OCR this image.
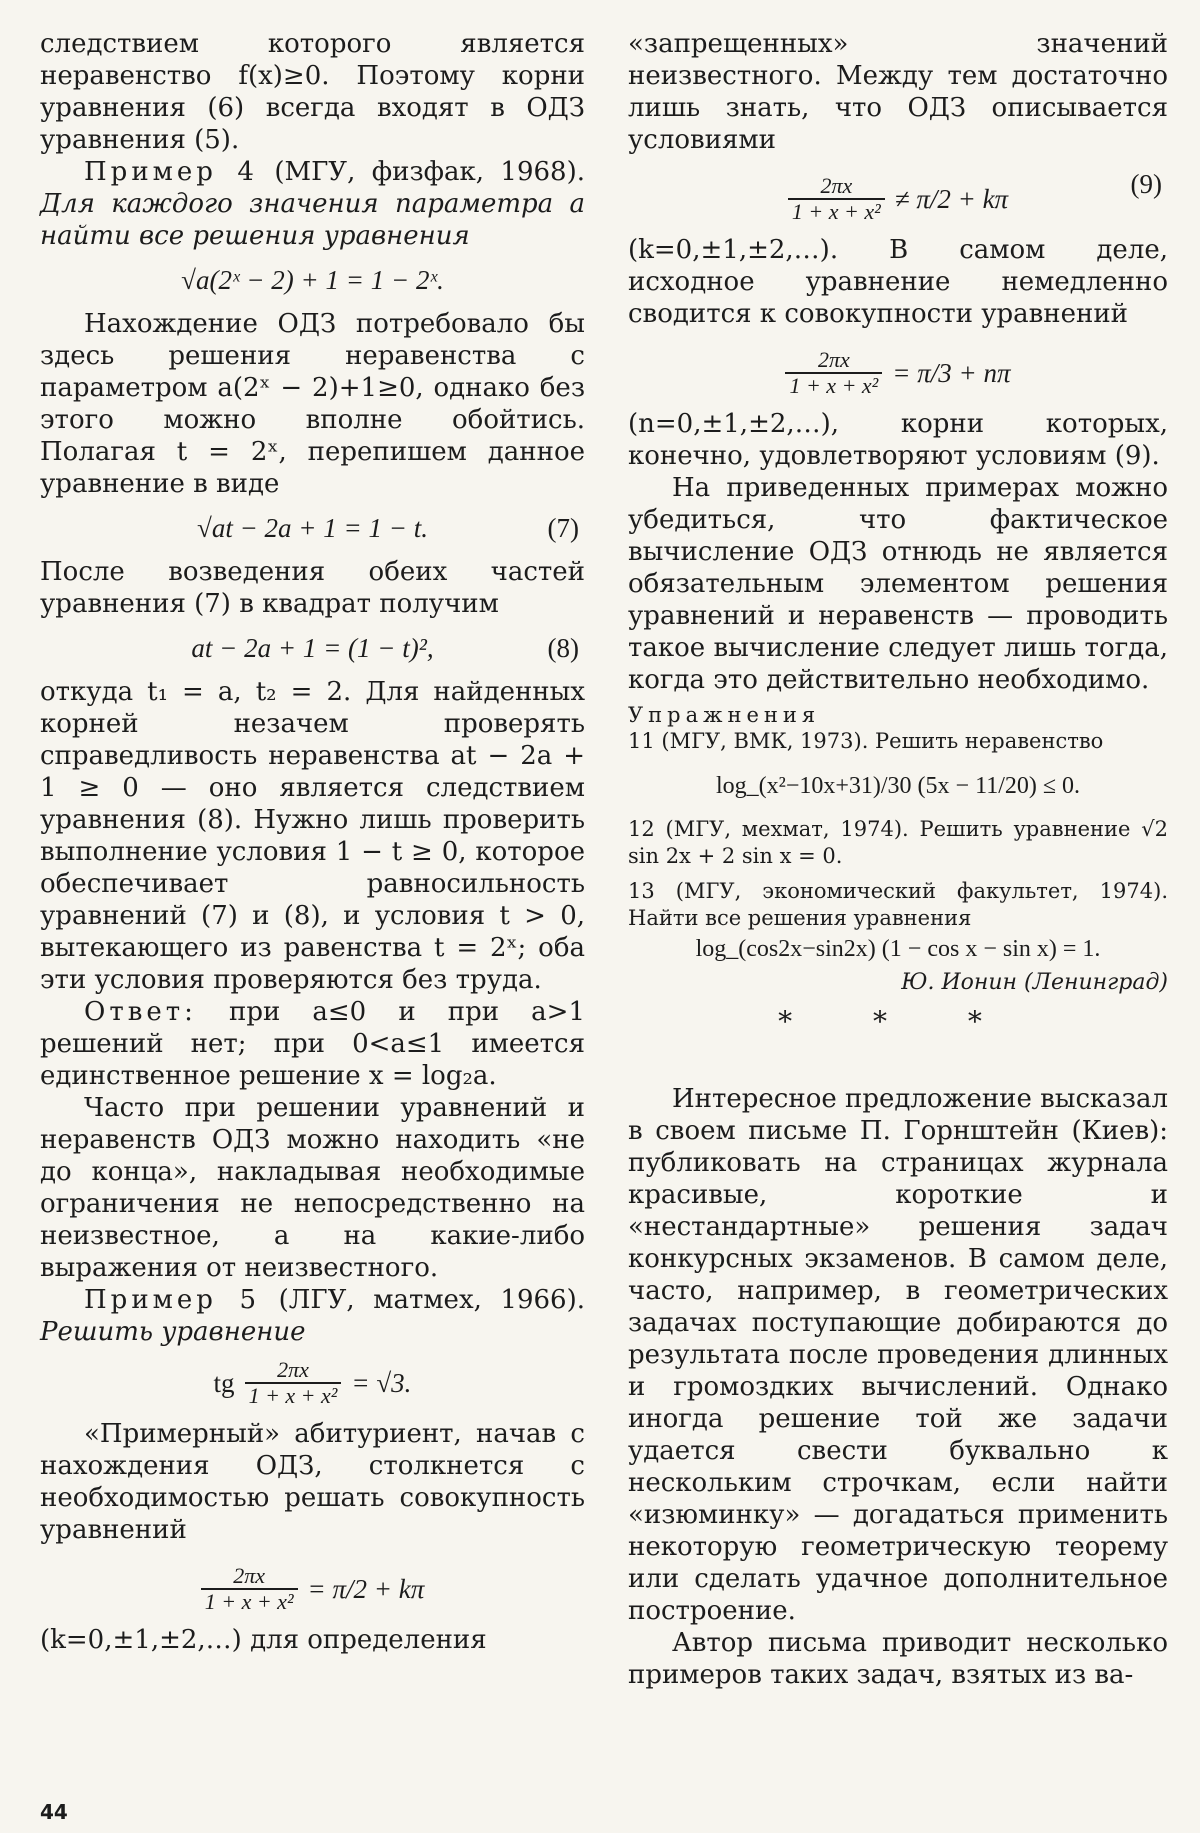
следствием которого является неравенство f(x)≥0. Поэтому корни уравнения (6) всегда входят в ОДЗ уравнения (5).

Пример 4 (МГУ, физфак, 1968). Для каждого значения параметра a найти все решения уравнения

√a(2ˣ − 2) + 1 = 1 − 2ˣ.

Нахождение ОДЗ потребовало бы здесь решения неравенства с параметром a(2ˣ − 2)+1≥0, однако без этого можно вполне обойтись. Полагая t = 2ˣ, перепишем данное уравнение в виде

√at − 2a + 1 = 1 − t.	(7)

После возведения обеих частей уравнения (7) в квадрат получим

at − 2a + 1 = (1 − t)²,	(8)

откуда t₁ = a, t₂ = 2. Для найденных корней незачем проверять справедливость неравенства at − 2a + 1 ≥ 0 — оно является следствием уравнения (8). Нужно лишь проверить выполнение условия 1 − t ≥ 0, которое обеспечивает равносильность уравнений (7) и (8), и условия t > 0, вытекающего из равенства t = 2ˣ; оба эти условия проверяются без труда.

Ответ: при a≤0 и при a>1 решений нет; при 0<a≤1 имеется единственное решение x = log₂a.

Часто при решении уравнений и неравенств ОДЗ можно находить «не до конца», накладывая необходимые ограничения не непосредственно на неизвестное, а на какие-либо выражения от неизвестного.

Пример 5 (ЛГУ, матмех, 1966). Решить уравнение

tg $\frac{2\pi x}{\text{1 + x + x²}} = √3$.

«Примерный» абитуриент, начав с нахождения ОДЗ, столкнется с необходимостью решать совокупность уравнений

$\frac{2\pi x}{\text{1 + x + x²}} = \pi/2 + k\pi$

(k=0,±1,±2,…) для определения

«запрещенных» значений неизвестного. Между тем достаточно лишь знать, что ОДЗ описывается условиями

$\frac{2\pi x}{\text{1 + x + x²}} \ne \pi/2 + k\pi$	(9)

(k=0,±1,±2,…). В самом деле, исходное уравнение немедленно сводится к совокупности уравнений

$\frac{2\pi x}{\text{1 + x + x²}} = \pi/3 + n\pi$

(n=0,±1,±2,…), корни которых, конечно, удовлетворяют условиям (9).

На приведенных примерах можно убедиться, что фактическое вычисление ОДЗ отнюдь не является обязательным элементом решения уравнений и неравенств — проводить такое вычисление следует лишь тогда, когда это действительно необходимо.

Упражнения

11 (МГУ, ВМК, 1973). Решить неравенство

log_(x²−10x+31)/30 (5x − 11/20) ≤ 0.

12 (МГУ, мехмат, 1974). Решить уравнение √2 sin 2x + 2 sin x = 0.

13 (МГУ, экономический факультет, 1974). Найти все решения уравнения

log_(cos2x−sin2x) (1 − cos x − sin x) = 1.
Ю. Ионин (Ленинград)
* * *

Интересное предложение высказал в своем письме П. Горнштейн (Киев): публиковать на страницах журнала красивые, короткие и «нестандартные» решения задач конкурсных экзаменов. В самом деле, часто, например, в геометрических задачах поступающие добираются до результата после проведения длинных и громоздких вычислений. Однако иногда решение той же задачи удается свести буквально к нескольким строчкам, если найти «изюминку» — догадаться применить некоторую геометрическую теорему или сделать удачное дополнительное построение.

Автор письма приводит несколько примеров таких задач, взятых из ва-

44
